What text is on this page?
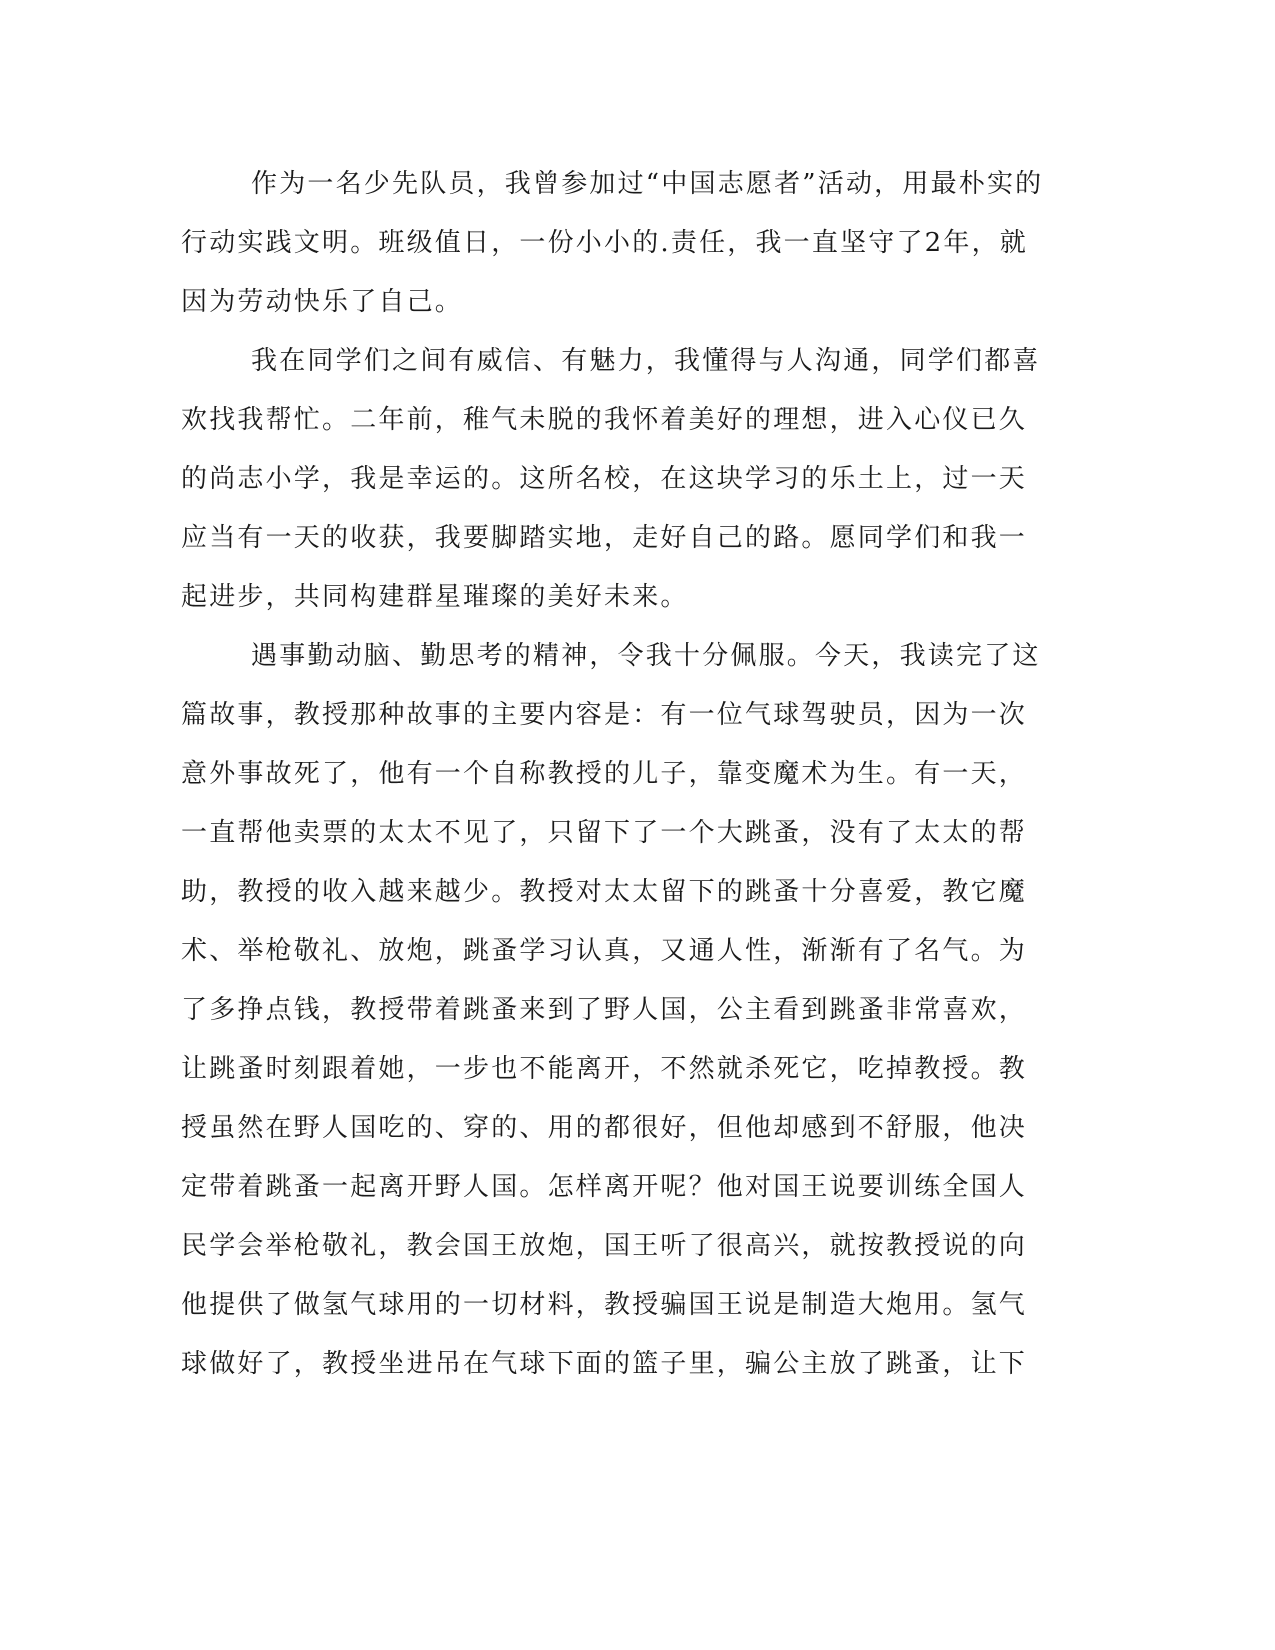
作为一名少先队员，我曾参加过“中国志愿者”活动，用最朴实的
行动实践文明。班级值日，一份小小的.责任，我一直坚守了2年，就
因为劳动快乐了自己。
我在同学们之间有威信、有魅力，我懂得与人沟通，同学们都喜
欢找我帮忙。二年前，稚气未脱的我怀着美好的理想，进入心仪已久
的尚志小学，我是幸运的。这所名校，在这块学习的乐土上，过一天
应当有一天的收获，我要脚踏实地，走好自己的路。愿同学们和我一
起进步，共同构建群星璀璨的美好未来。
遇事勤动脑、勤思考的精神，令我十分佩服。今天，我读完了这
篇故事，教授那种故事的主要内容是：有一位气球驾驶员，因为一次
意外事故死了，他有一个自称教授的儿子，靠变魔术为生。有一天，
一直帮他卖票的太太不见了，只留下了一个大跳蚤，没有了太太的帮
助，教授的收入越来越少。教授对太太留下的跳蚤十分喜爱，教它魔
术、举枪敬礼、放炮，跳蚤学习认真，又通人性，渐渐有了名气。为
了多挣点钱，教授带着跳蚤来到了野人国，公主看到跳蚤非常喜欢，
让跳蚤时刻跟着她，一步也不能离开，不然就杀死它，吃掉教授。教
授虽然在野人国吃的、穿的、用的都很好，但他却感到不舒服，他决
定带着跳蚤一起离开野人国。怎样离开呢？他对国王说要训练全国人
民学会举枪敬礼，教会国王放炮，国王听了很高兴，就按教授说的向
他提供了做氢气球用的一切材料，教授骗国王说是制造大炮用。氢气
球做好了，教授坐进吊在气球下面的篮子里，骗公主放了跳蚤，让下
